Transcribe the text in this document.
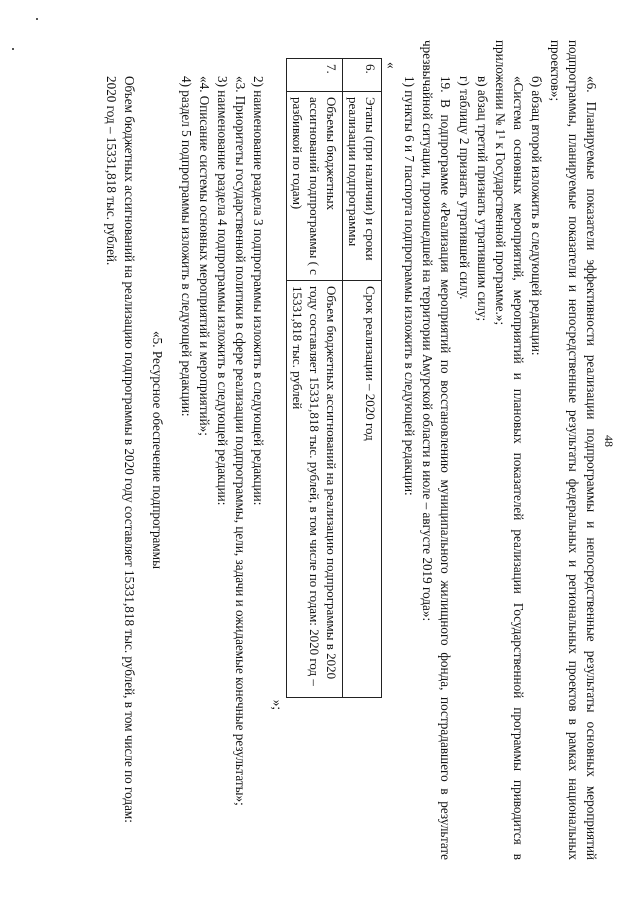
48

«6. Планируемые показатели эффективности реализации подпрограммы и непосредственные результаты основных мероприятий подпрограммы, планируемые показатели и непосредственные результаты федеральных и региональных проектов в рамках национальных проектов»;

б) абзац второй изложить в следующей редакции:

«Система основных мероприятий, мероприятий и плановых показателей реализации Государственной программы приводится в приложении № 1¹ к Государственной программе.»;

в) абзац третий признать утратившим силу;

г) таблицу 2 признать утратившей силу.

19. В подпрограмме «Реализация мероприятий по восстановлению муниципального жилищного фонда, пострадавшего в результате чрезвычайной ситуации, произошедшей на территории Амурской области в июле – августе 2019 года»:

1) пункты 6 и 7 паспорта подпрограммы изложить в следующей редакции:

«
6.	Этапы (при наличии) и сроки реализации подпрограммы	Срок реализации – 2020 год
7.	Объемы бюджетных ассигнований подпрограммы ( с разбивкой по годам)	Объем бюджетных ассигнований на реализацию подпрограммы в 2020 году составляет 15331,818 тыс. рублей, в том числе по годам: 2020 год – 15331,818 тыс. рублей
»;

2) наименование раздела 3 подпрограммы изложить в следующей редакции:

«3. Приоритеты государственной политики в сфере реализации подпрограммы, цели, задачи и ожидаемые конечные результаты»;

3) наименование раздела 4 подпрограммы изложить в следующей редакции:

«4. Описание системы основных мероприятий и мероприятий»;

4) раздел 5 подпрограммы изложить в следующей редакции:

«5. Ресурсное обеспечение подпрограммы

Объем бюджетных ассигнований на реализацию подпрограммы в 2020 году составляет 15331,818 тыс. рублей, в том числе по годам:

2020 год – 15331,818 тыс. рублей.
